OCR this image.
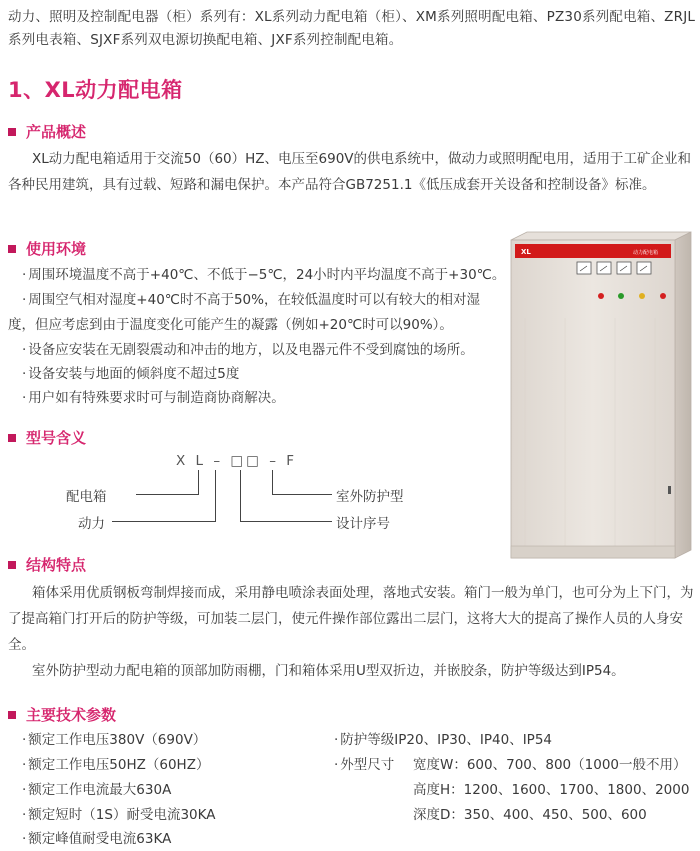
动力、照明及控制配电器（柜）系列有：XL系列动力配电箱（柜）、XM系列照明配电箱、PZ30系列配电箱、ZRJL系列电表箱、SJXF系列双电源切换配电箱、JXF系列控制配电箱。
1、XL动力配电箱
产品概述
XL动力配电箱适用于交流50（60）HZ、电压至690V的供电系统中，做动力或照明配电用，适用于工矿企业和各种民用建筑，具有过载、短路和漏电保护。本产品符合GB7251.1《低压成套开关设备和控制设备》标准。
使用环境
· 周围环境温度不高于+40℃、不低于−5℃，24小时内平均温度不高于+30℃。
· 周围空气相对湿度+40℃时不高于50%，在较低温度时可以有较大的相对湿
度，但应考虑到由于温度变化可能产生的凝露（例如+20℃时可以90%）。
· 设备应安装在无剧裂震动和冲击的地方，以及电器元件不受到腐蚀的场所。
· 设备安装与地面的倾斜度不超过5度
· 用户如有特殊要求时可与制造商协商解决。
型号含义
X L – □□ – F
配电箱
动力
室外防护型
设计序号
结构特点
箱体采用优质钢板弯制焊接而成，采用静电喷涂表面处理，落地式安装。箱门一般为单门，也可分为上下门，为了提高箱门打开后的防护等级，可加装二层门，使元件操作部位露出二层门，这将大大的提高了操作人员的人身安全。
室外防护型动力配电箱的顶部加防雨棚，门和箱体采用U型双折边，并嵌胶条，防护等级达到IP54。
主要技术参数
· 额定工作电压380V（690V）
· 额定工作电压50HZ（60HZ）
· 额定工作电流最大630A
· 额定短时（1S）耐受电流30KA
· 额定峰值耐受电流63KA
· 防护等级IP20、IP30、IP40、IP54
· 外型尺寸 宽度W：600、700、800（1000一般不用）
高度H：1200、1600、1700、1800、2000
深度D：350、400、450、500、600
XL	动力配电箱
